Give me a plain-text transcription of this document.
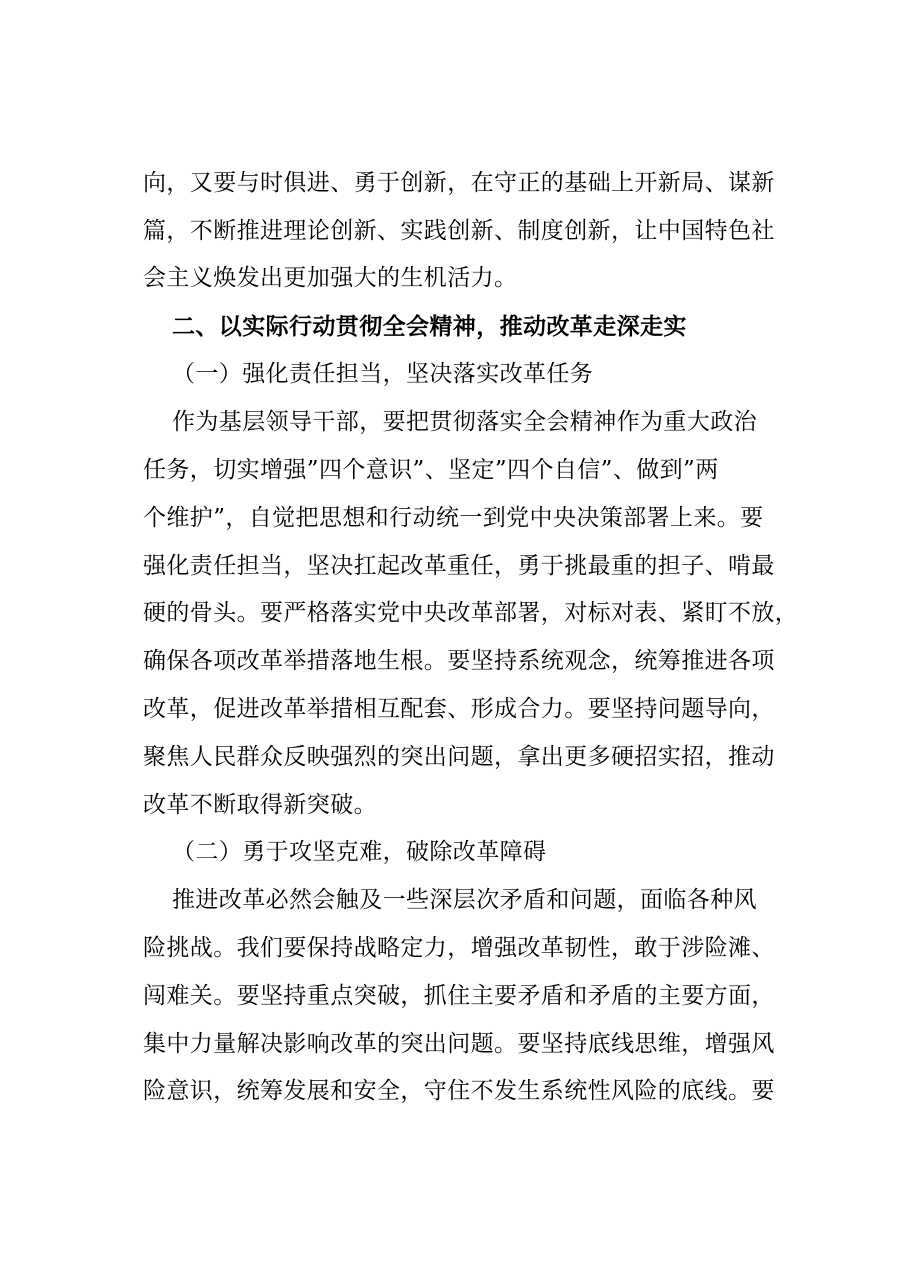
向，又要与时俱进、勇于创新，在守正的基础上开新局、谋新
篇，不断推进理论创新、实践创新、制度创新，让中国特色社
会主义焕发出更加强大的生机活力。
二、以实际行动贯彻全会精神，推动改革走深走实
（一）强化责任担当，坚决落实改革任务
作为基层领导干部，要把贯彻落实全会精神作为重大政治
任务，切实增强”四个意识”、坚定”四个自信”、做到”两
个维护”，自觉把思想和行动统一到党中央决策部署上来。要
强化责任担当，坚决扛起改革重任，勇于挑最重的担子、啃最
硬的骨头。要严格落实党中央改革部署，对标对表、紧盯不放，
确保各项改革举措落地生根。要坚持系统观念，统筹推进各项
改革，促进改革举措相互配套、形成合力。要坚持问题导向，
聚焦人民群众反映强烈的突出问题，拿出更多硬招实招，推动
改革不断取得新突破。
（二）勇于攻坚克难，破除改革障碍
推进改革必然会触及一些深层次矛盾和问题，面临各种风
险挑战。我们要保持战略定力，增强改革韧性，敢于涉险滩、
闯难关。要坚持重点突破，抓住主要矛盾和矛盾的主要方面，
集中力量解决影响改革的突出问题。要坚持底线思维，增强风
险意识，统筹发展和安全，守住不发生系统性风险的底线。要
